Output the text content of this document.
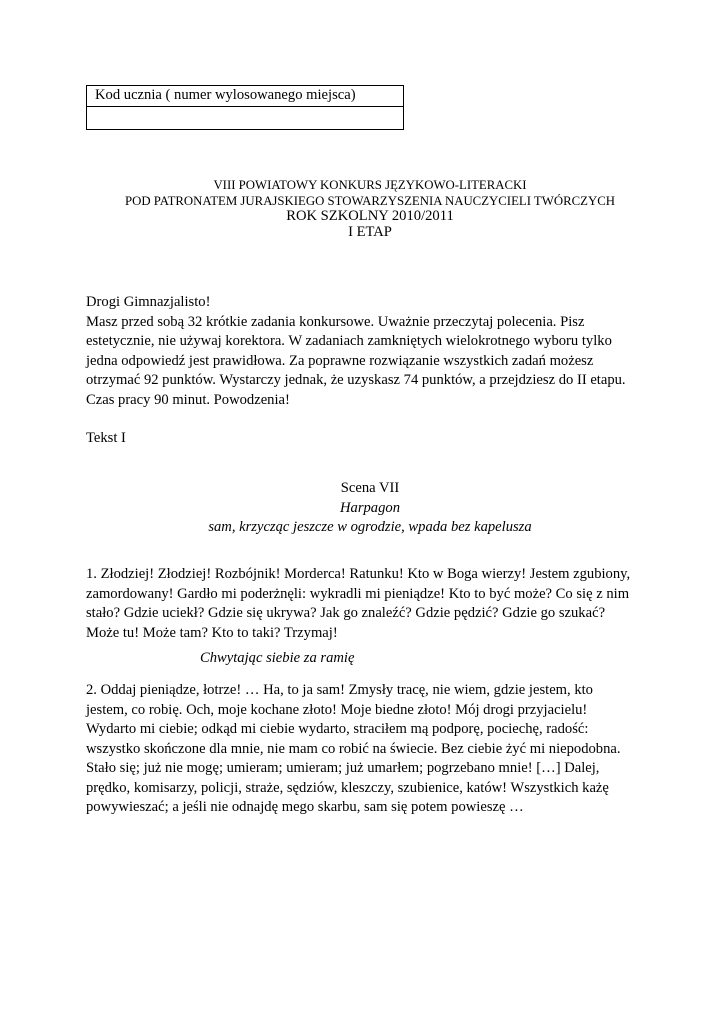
Kod ucznia ( numer wylosowanego miejsca)

VIII POWIATOWY KONKURS JĘZYKOWO-LITERACKI
POD PATRONATEM JURAJSKIEGO STOWARZYSZENIA NAUCZYCIELI TWÓRCZYCH
ROK SZKOLNY 2010/2011
I ETAP
Drogi Gimnazjalisto!
Masz przed sobą 32 krótkie zadania konkursowe. Uważnie przeczytaj polecenia. Pisz
estetycznie, nie używaj korektora. W zadaniach zamkniętych wielokrotnego wyboru tylko
jedna odpowiedź jest prawidłowa. Za poprawne rozwiązanie wszystkich zadań możesz
otrzymać 92 punktów. Wystarczy jednak, że uzyskasz 74 punktów, a przejdziesz do II etapu.
Czas pracy 90 minut. Powodzenia!
Tekst I
Scena VII
Harpagon
sam, krzycząc jeszcze w ogrodzie, wpada bez kapelusza
1. Złodziej! Złodziej! Rozbójnik! Morderca! Ratunku! Kto w Boga wierzy! Jestem zgubiony,
zamordowany! Gardło mi poderżnęli: wykradli mi pieniądze! Kto to być może? Co się z nim
stało? Gdzie uciekł? Gdzie się ukrywa? Jak go znaleźć? Gdzie pędzić? Gdzie go szukać?
Może tu! Może tam? Kto to taki? Trzymaj!
Chwytając siebie za ramię
2. Oddaj pieniądze, łotrze! … Ha, to ja sam! Zmysły tracę, nie wiem, gdzie jestem, kto
jestem, co robię. Och, moje kochane złoto! Moje biedne złoto! Mój drogi przyjacielu!
Wydarto mi ciebie; odkąd mi ciebie wydarto, straciłem mą podporę, pociechę, radość:
wszystko skończone dla mnie, nie mam co robić na świecie. Bez ciebie żyć mi niepodobna.
Stało się; już nie mogę; umieram; umieram; już umarłem; pogrzebano mnie! […] Dalej,
prędko, komisarzy, policji, straże, sędziów, kleszczy, szubienice, katów! Wszystkich każę
powywieszać; a jeśli nie odnajdę mego skarbu, sam się potem powieszę …
